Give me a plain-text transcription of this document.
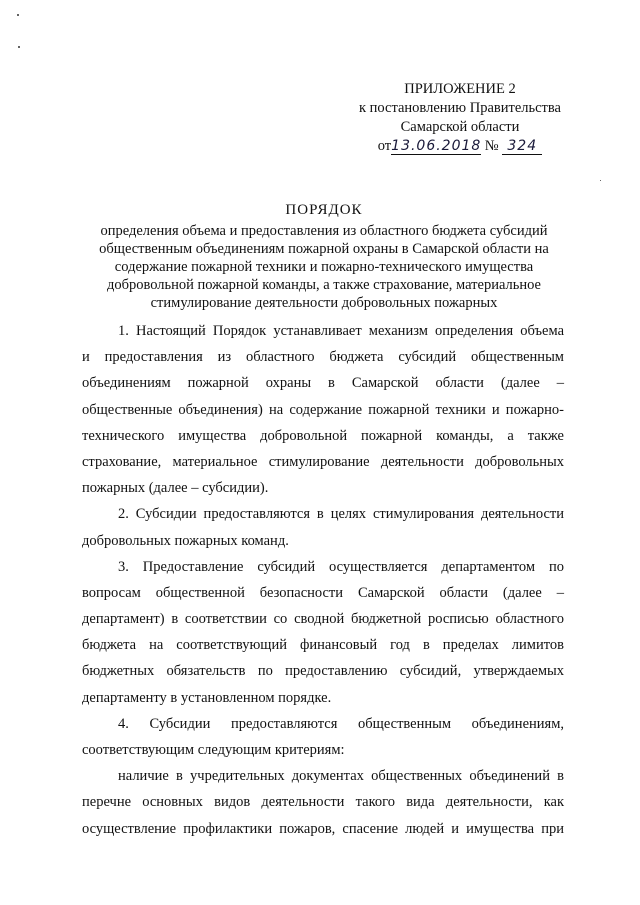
ПРИЛОЖЕНИЕ 2
к постановлению Правительства
Самарской области
от13.06.2018 № 324
ПОРЯДОК
определения объема и предоставления из областного бюджета субсидий
общественным объединениям пожарной охраны в Самарской области на
содержание пожарной техники и пожарно-технического имущества
добровольной пожарной команды, а также страхование, материальное
стимулирование деятельности добровольных пожарных
1. Настоящий Порядок устанавливает механизм определения объема
и предоставления из областного бюджета субсидий общественным
объединениям пожарной охраны в Самарской области (далее –
общественные объединения) на содержание пожарной техники и пожарно-
технического имущества добровольной пожарной команды, а также
страхование, материальное стимулирование деятельности добровольных
пожарных (далее – субсидии).
2. Субсидии предоставляются в целях стимулирования деятельности
добровольных пожарных команд.
3. Предоставление субсидий осуществляется департаментом по
вопросам общественной безопасности Самарской области (далее –
департамент) в соответствии со сводной бюджетной росписью областного
бюджета на соответствующий финансовый год в пределах лимитов
бюджетных обязательств по предоставлению субсидий, утверждаемых
департаменту в установленном порядке.
4. Субсидии предоставляются общественным объединениям,
соответствующим следующим критериям:
наличие в учредительных документах общественных объединений в
перечне основных видов деятельности такого вида деятельности, как
осуществление профилактики пожаров, спасение людей и имущества при
